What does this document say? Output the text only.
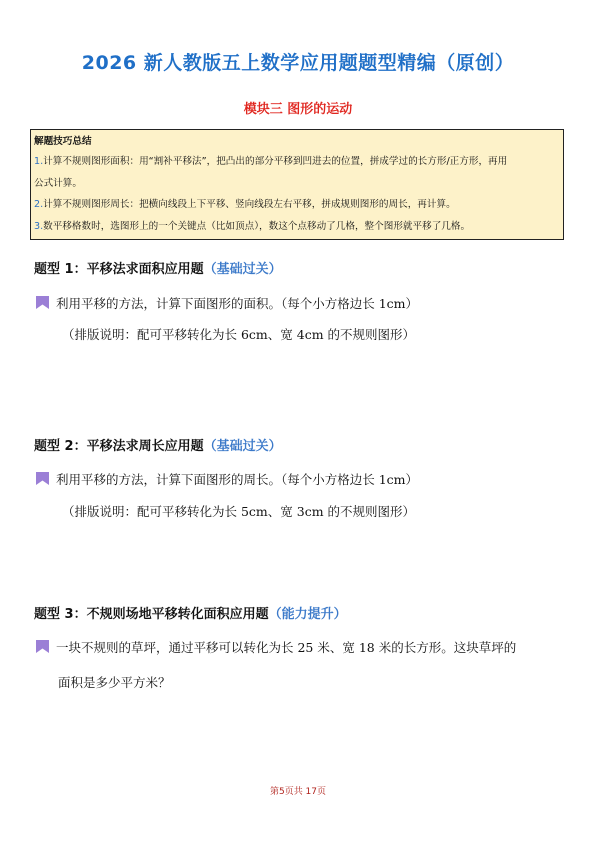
2026 新人教版五上数学应用题题型精编（原创）
模块三 图形的运动
解题技巧总结
1.计算不规则图形面积：用“割补平移法”，把凸出的部分平移到凹进去的位置，拼成学过的长方形/正方形，再用
公式计算。
2.计算不规则图形周长：把横向线段上下平移、竖向线段左右平移，拼成规则图形的周长，再计算。
3.数平移格数时，选图形上的一个关键点（比如顶点），数这个点移动了几格，整个图形就平移了几格。
题型 1：平移法求面积应用题（基础过关）
利用平移的方法，计算下面图形的面积。（每个小方格边长 1cm）
（排版说明：配可平移转化为长 6cm、宽 4cm 的不规则图形）
题型 2：平移法求周长应用题（基础过关）
利用平移的方法，计算下面图形的周长。（每个小方格边长 1cm）
（排版说明：配可平移转化为长 5cm、宽 3cm 的不规则图形）
题型 3：不规则场地平移转化面积应用题（能力提升）
一块不规则的草坪，通过平移可以转化为长 25 米、宽 18 米的长方形。这块草坪的
面积是多少平方米？
第5页共 17页
